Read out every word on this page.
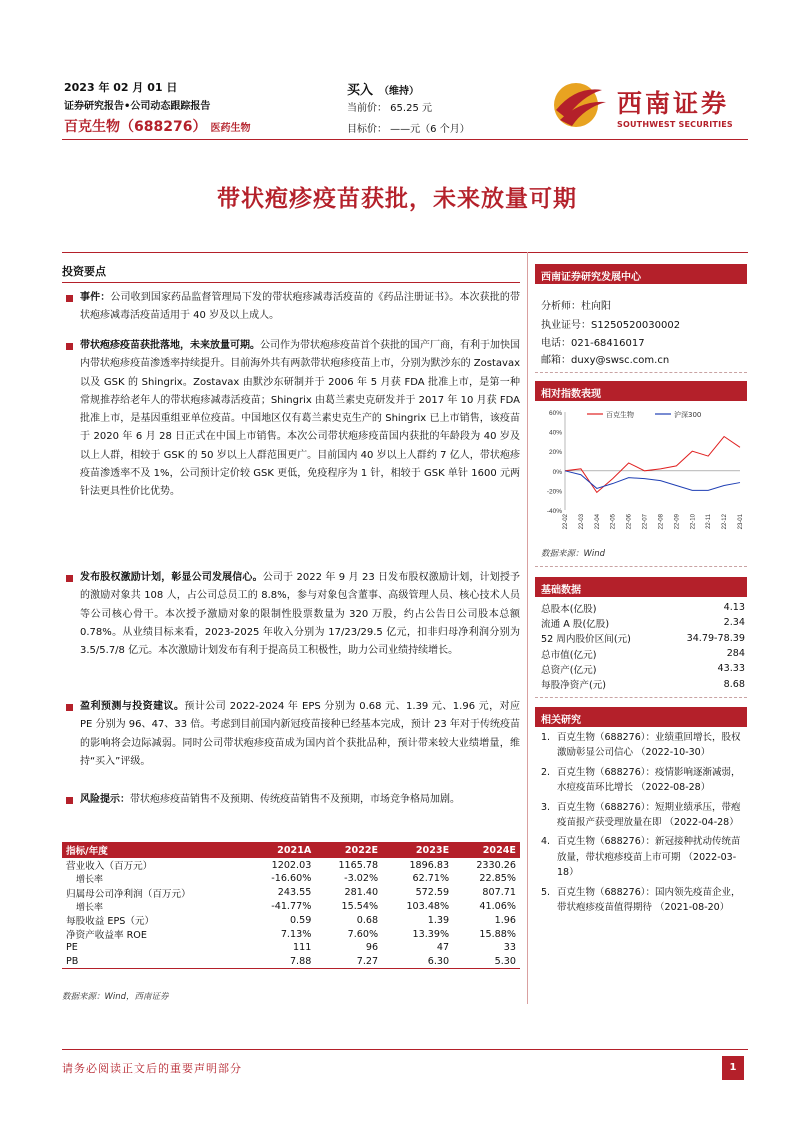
2023 年 02 月 01 日
证券研究报告•公司动态跟踪报告
百克生物（688276） 医药生物
买入 （维持）
当前价： 65.25 元
目标价： ——元（6 个月）
西南证券
SOUTHWEST SECURITIES
带状疱疹疫苗获批，未来放量可期
投资要点
事件：公司收到国家药品监督管理局下发的带状疱疹减毒活疫苗的《药品注册证书》。本次获批的带状疱疹减毒活疫苗适用于 40 岁及以上成人。
带状疱疹疫苗获批落地，未来放量可期。公司作为带状疱疹疫苗首个获批的国产厂商，有利于加快国内带状疱疹疫苗渗透率持续提升。目前海外共有两款带状疱疹疫苗上市，分别为默沙东的 Zostavax 以及 GSK 的 Shingrix。Zostavax 由默沙东研制并于 2006 年 5 月获 FDA 批准上市，是第一种常规推荐给老年人的带状疱疹减毒活疫苗；Shingrix 由葛兰素史克研发并于 2017 年 10 月获 FDA 批准上市，是基因重组亚单位疫苗。中国地区仅有葛兰素史克生产的 Shingrix 已上市销售，该疫苗于 2020 年 6 月 28 日正式在中国上市销售。本次公司带状疱疹疫苗国内获批的年龄段为 40 岁及以上人群，相较于 GSK 的 50 岁以上人群范围更广。目前国内 40 岁以上人群约 7 亿人，带状疱疹疫苗渗透率不及 1%，公司预计定价较 GSK 更低，免疫程序为 1 针，相较于 GSK 单针 1600 元两针法更具性价比优势。
发布股权激励计划，彰显公司发展信心。公司于 2022 年 9 月 23 日发布股权激励计划，计划授予的激励对象共 108 人，占公司总员工的 8.8%，参与对象包含董事、高级管理人员、核心技术人员等公司核心骨干。本次授予激励对象的限制性股票数量为 320 万股，约占公告日公司股本总额 0.78%。从业绩目标来看，2023-2025 年收入分别为 17/23/29.5 亿元，扣非归母净利润分别为 3.5/5.7/8 亿元。本次激励计划发布有利于提高员工积极性，助力公司业绩持续增长。
盈利预测与投资建议。预计公司 2022-2024 年 EPS 分别为 0.68 元、1.39 元、1.96 元，对应 PE 分别为 96、47、33 倍。考虑到目前国内新冠疫苗接种已经基本完成，预计 23 年对于传统疫苗的影响将会边际减弱。同时公司带状疱疹疫苗成为国内首个获批品种，预计带来较大业绩增量，维持“买入”评级。
风险提示：带状疱疹疫苗销售不及预期、传统疫苗销售不及预期，市场竞争格局加剧。
指标/年度	2021A	2022E	2023E	2024E
营业收入（百万元）	1202.03	1165.78	1896.83	2330.26
增长率	-16.60%	-3.02%	62.71%	22.85%
归属母公司净利润（百万元）	243.55	281.40	572.59	807.71
增长率	-41.77%	15.54%	103.48%	41.06%
每股收益 EPS（元）	0.59	0.68	1.39	1.96
净资产收益率 ROE	7.13%	7.60%	13.39%	15.88%
PE	111	96	47	33
PB	7.88	7.27	6.30	5.30
数据来源：Wind，西南证券
西南证券研究发展中心
分析师：杜向阳
执业证号：S1250520030002
电话：021-68416017
邮箱：duxy@swsc.com.cn
相对指数表现
60%
40%
20%
0%
-20%
-40%
22-02 22-03 22-04 22-05 22-06 22-07 22-08 22-09 22-10 22-11 22-12 23-01
百克生物	沪深300
数据来源：Wind
基础数据
总股本(亿股)	4.13
流通 A 股(亿股)	2.34
52 周内股价区间(元)	34.79-78.39
总市值(亿元)	284
总资产(亿元)	43.33
每股净资产(元)	8.68
相关研究
1. 百克生物（688276）：业绩重回增长，股权激励彰显公司信心 （2022-10-30）
2. 百克生物（688276）：疫情影响逐渐减弱，水痘疫苗环比增长 （2022-08-28）
3. 百克生物（688276）：短期业绩承压，带疱疫苗报产获受理放量在即 （2022-04-28）
4. 百克生物（688276）：新冠接种扰动传统苗放量，带状疱疹疫苗上市可期 （2022-03-18）
5. 百克生物（688276）：国内领先疫苗企业，带状疱疹疫苗值得期待 （2021-08-20）
请务必阅读正文后的重要声明部分	1
